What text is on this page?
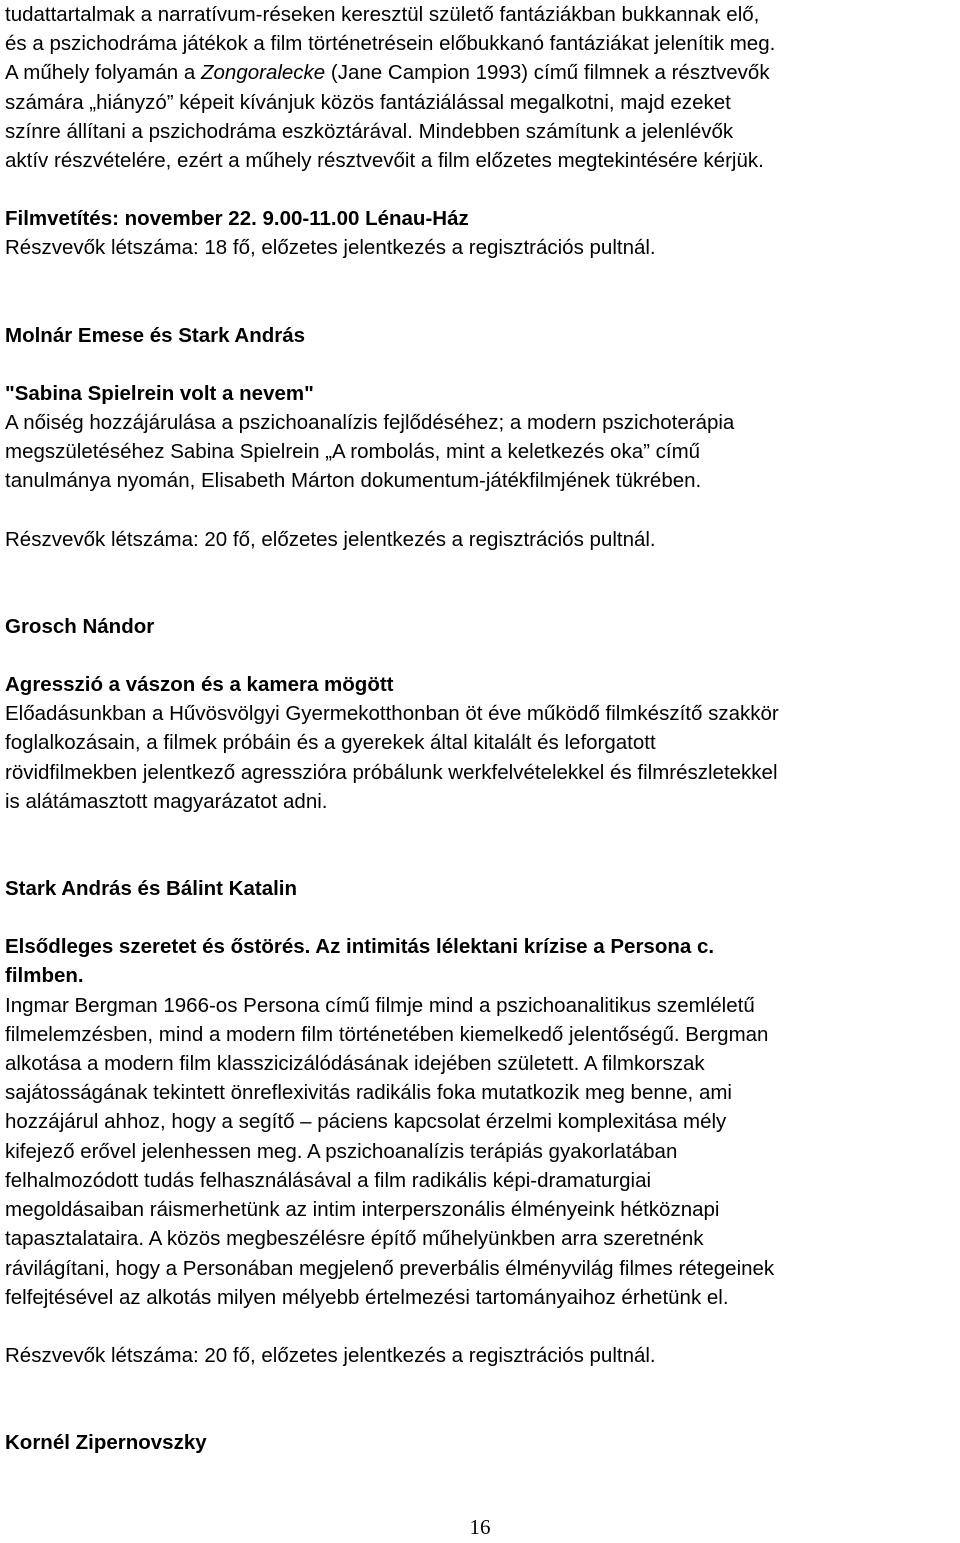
tudattartalmak a narratívum-réseken keresztül születő fantáziákban bukkannak elő,

és a pszichodráma játékok a film történetrésein előbukkanó fantáziákat jelenítik meg.

A műhely folyamán a Zongoralecke (Jane Campion 1993) című filmnek a résztvevők

számára „hiányzó” képeit kívánjuk közös fantáziálással megalkotni, majd ezeket

színre állítani a pszichodráma eszköztárával. Mindebben számítunk a jelenlévők

aktív részvételére, ezért a műhely résztvevőit a film előzetes megtekintésére kérjük.

Filmvetítés: november 22. 9.00-11.00 Lénau-Ház

Részvevők létszáma: 18 fő, előzetes jelentkezés a regisztrációs pultnál.

Molnár Emese és Stark András

"Sabina Spielrein volt a nevem"

A nőiség hozzájárulása a pszichoanalízis fejlődéséhez; a modern pszichoterápia

megszületéséhez Sabina Spielrein „A rombolás, mint a keletkezés oka” című

tanulmánya nyomán, Elisabeth Márton dokumentum-játékfilmjének tükrében.

Részvevők létszáma: 20 fő, előzetes jelentkezés a regisztrációs pultnál.

Grosch Nándor

Agresszió a vászon és a kamera mögött

Előadásunkban a Hűvösvölgyi Gyermekotthonban öt éve működő filmkészítő szakkör

foglalkozásain, a filmek próbáin és a gyerekek által kitalált és leforgatott

rövidfilmekben jelentkező agresszióra próbálunk werkfelvételekkel és filmrészletekkel

is alátámasztott magyarázatot adni.

Stark András és Bálint Katalin

Elsődleges szeretet és őstörés. Az intimitás lélektani krízise a Persona c.

filmben.

Ingmar Bergman 1966-os Persona című filmje mind a pszichoanalitikus szemléletű

filmelemzésben, mind a modern film történetében kiemelkedő jelentőségű. Bergman

alkotása a modern film klasszicizálódásának idejében született. A filmkorszak

sajátosságának tekintett önreflexivitás radikális foka mutatkozik meg benne, ami

hozzájárul ahhoz, hogy a segítő – páciens kapcsolat érzelmi komplexitása mély

kifejező erővel jelenhessen meg. A pszichoanalízis terápiás gyakorlatában

felhalmozódott tudás felhasználásával a film radikális képi-dramaturgiai

megoldásaiban ráismerhetünk az intim interperszonális élményeink hétköznapi

tapasztalataira. A közös megbeszélésre építő műhelyünkben arra szeretnénk

rávilágítani, hogy a Personában megjelenő preverbális élményvilág filmes rétegeinek

felfejtésével az alkotás milyen mélyebb értelmezési tartományaihoz érhetünk el.

Részvevők létszáma: 20 fő, előzetes jelentkezés a regisztrációs pultnál.

Kornél Zipernovszky

16
